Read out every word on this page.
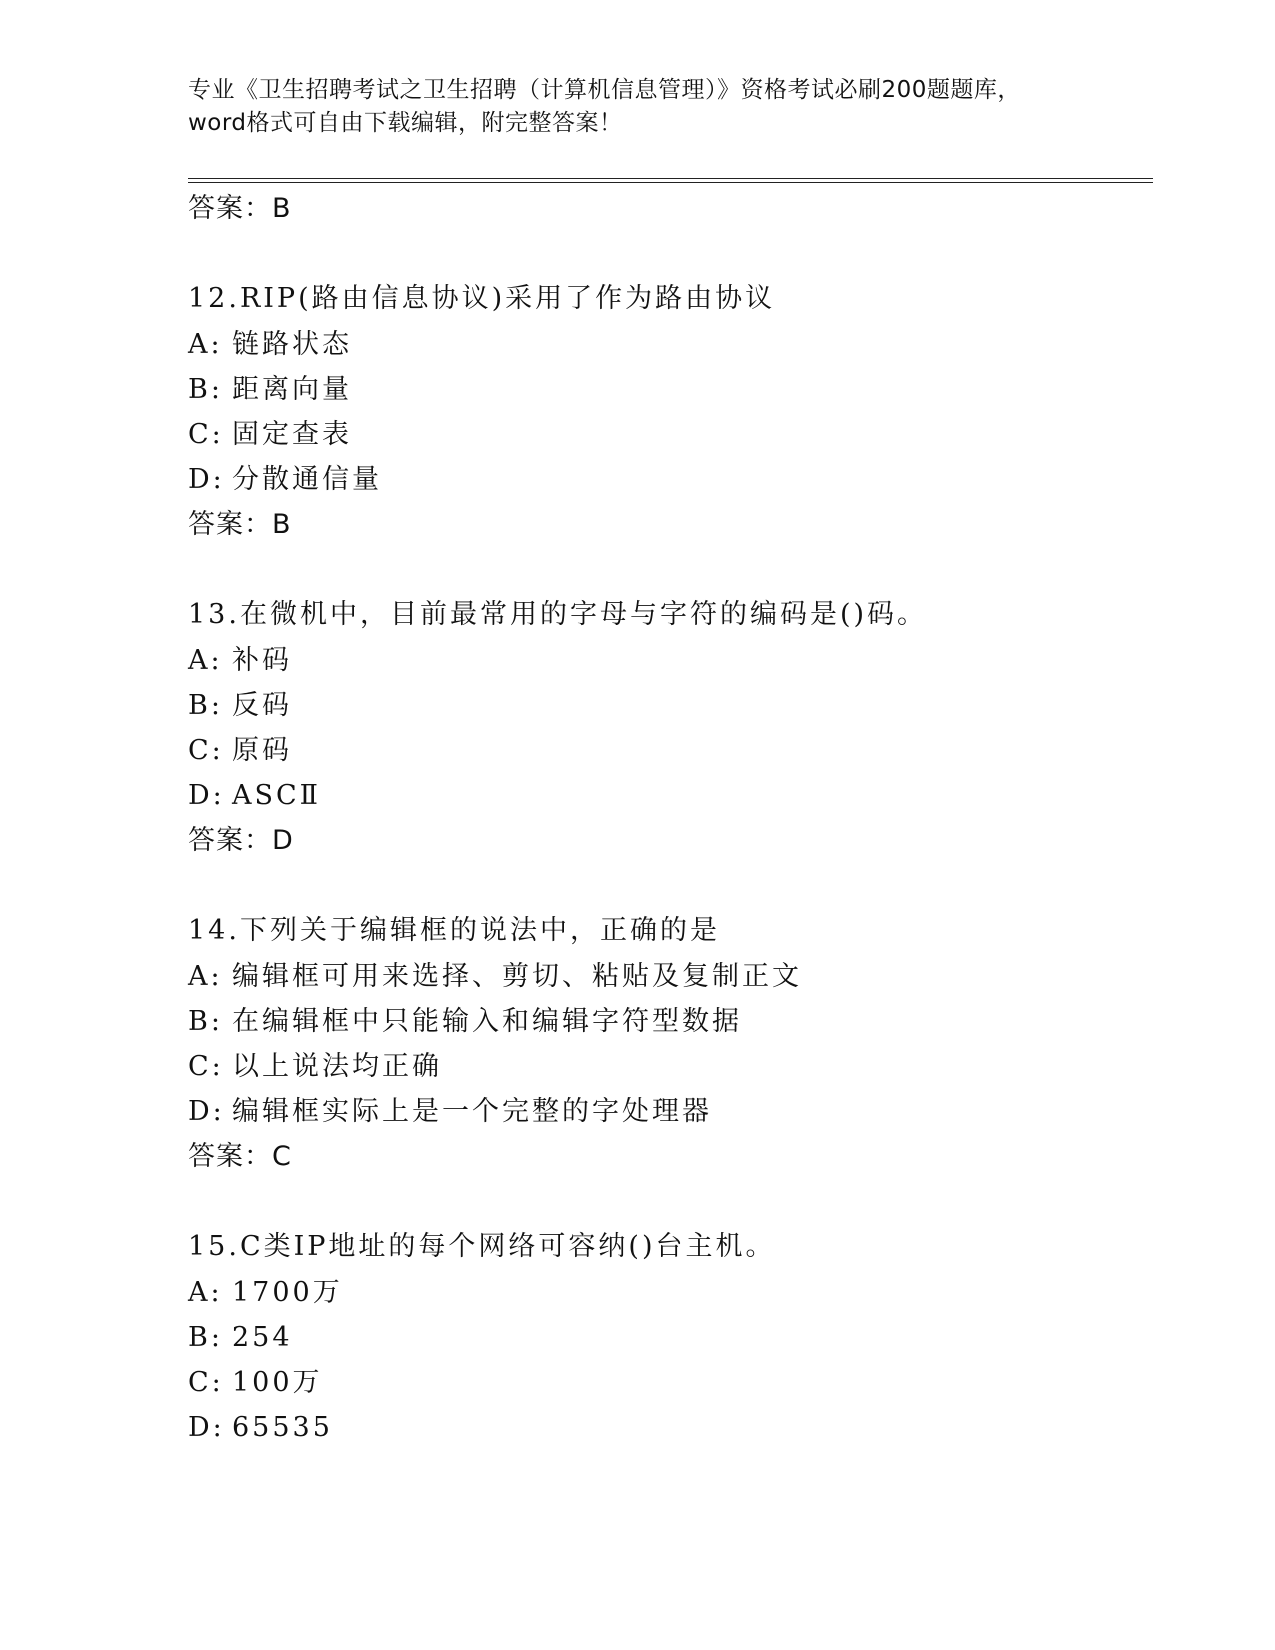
专业《卫生招聘考试之卫生招聘（计算机信息管理）》资格考试必刷200题题库，
word格式可自由下载编辑，附完整答案！
答案：B
12.RIP(路由信息协议)采用了作为路由协议
A: 链路状态
B: 距离向量
C: 固定查表
D: 分散通信量
答案：B
13.在微机中，目前最常用的字母与字符的编码是()码。
A: 补码
B: 反码
C: 原码
D: ASCⅡ
答案：D
14.下列关于编辑框的说法中，正确的是
A: 编辑框可用来选择、剪切、粘贴及复制正文
B: 在编辑框中只能输入和编辑字符型数据
C: 以上说法均正确
D: 编辑框实际上是一个完整的字处理器
答案：C
15.C类IP地址的每个网络可容纳()台主机。
A: 1700万
B: 254
C: 100万
D: 65535
